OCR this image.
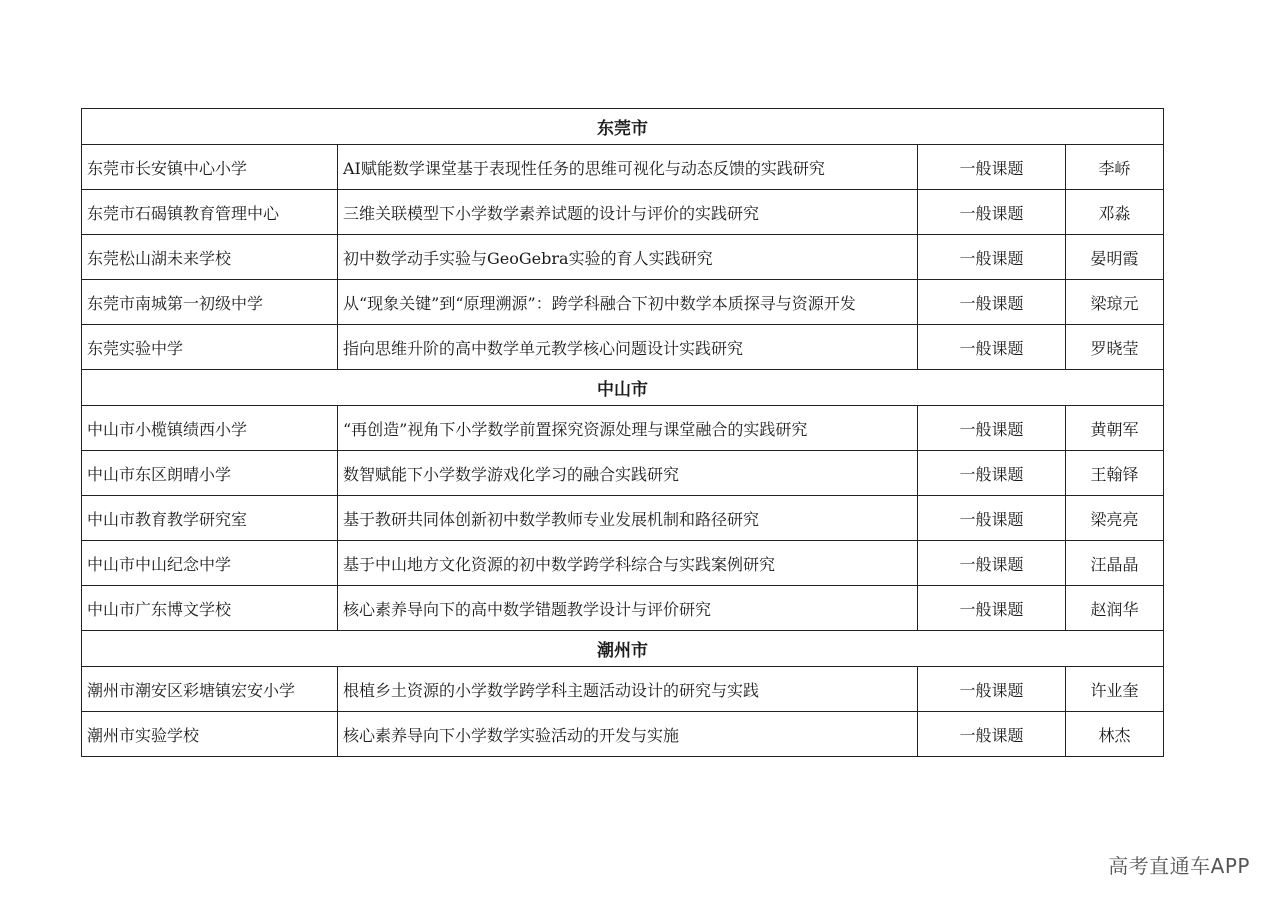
东莞市			
东莞市长安镇中心小学	AI赋能数学课堂基于表现性任务的思维可视化与动态反馈的实践研究	一般课题	李峤
东莞市石碣镇教育管理中心	三维关联模型下小学数学素养试题的设计与评价的实践研究	一般课题	邓淼
东莞松山湖未来学校	初中数学动手实验与GeoGebra实验的育人实践研究	一般课题	晏明霞
东莞市南城第一初级中学	从“现象关键”到“原理溯源”：跨学科融合下初中数学本质探寻与资源开发	一般课题	梁琼元
东莞实验中学	指向思维升阶的高中数学单元教学核心问题设计实践研究	一般课题	罗晓莹
中山市			
中山市小榄镇绩西小学	“再创造”视角下小学数学前置探究资源处理与课堂融合的实践研究	一般课题	黄朝军
中山市东区朗晴小学	数智赋能下小学数学游戏化学习的融合实践研究	一般课题	王翰铎
中山市教育教学研究室	基于教研共同体创新初中数学教师专业发展机制和路径研究	一般课题	梁亮亮
中山市中山纪念中学	基于中山地方文化资源的初中数学跨学科综合与实践案例研究	一般课题	汪晶晶
中山市广东博文学校	核心素养导向下的高中数学错题教学设计与评价研究	一般课题	赵润华
潮州市			
潮州市潮安区彩塘镇宏安小学	根植乡土资源的小学数学跨学科主题活动设计的研究与实践	一般课题	许业奎
潮州市实验学校	核心素养导向下小学数学实验活动的开发与实施	一般课题	林杰
高考直通车APP
